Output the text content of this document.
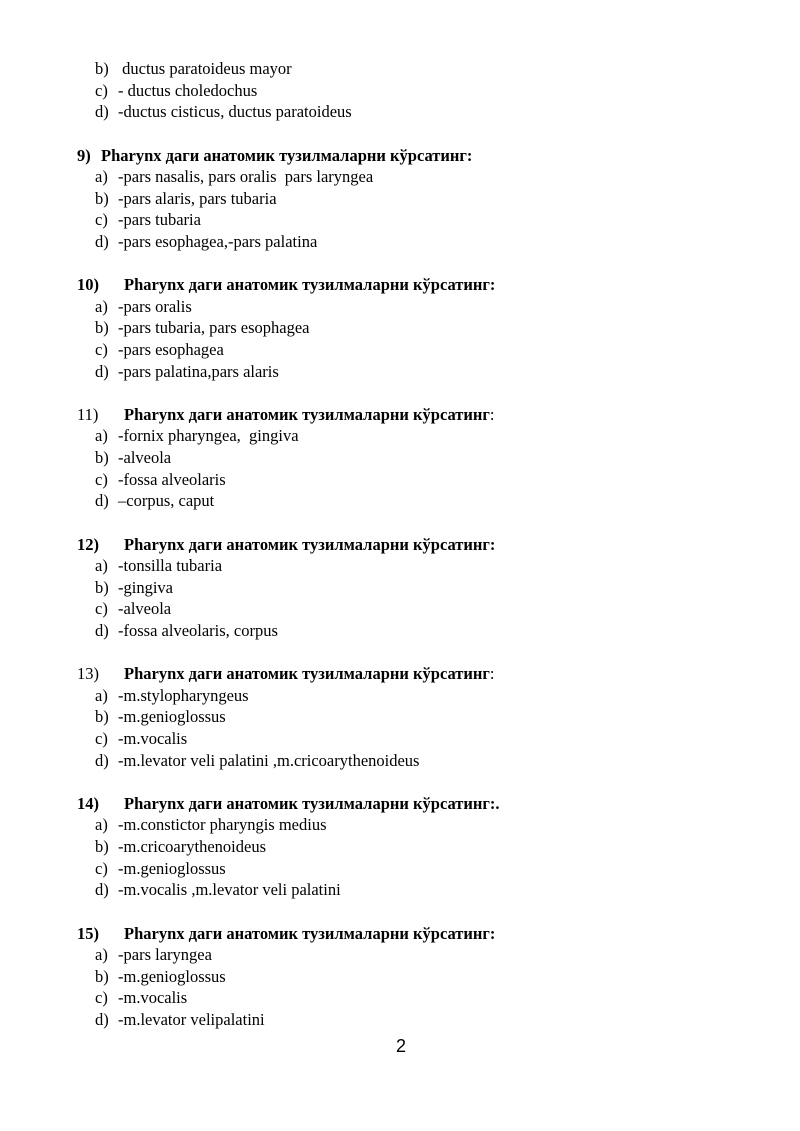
b) ductus paratoideus mayor
c) - ductus choledochus
d) -ductus cisticus, ductus paratoideus
9) Pharynx даги анатомик тузилмаларни кўрсатинг:
a) -pars nasalis, pars oralis  pars laryngea
b) -pars alaris, pars tubaria
c) -pars tubaria
d) -pars esophagea,-pars palatina
10) Pharynx даги анатомик тузилмаларни кўрсатинг:
a) -pars oralis
b) -pars tubaria, pars esophagea
c) -pars esophagea
d) -pars palatina,pars alaris
11) Pharynx даги анатомик тузилмаларни кўрсатинг:
a) -fornix pharyngea,  gingiva
b) -alveola
c) -fossa alveolaris
d) –corpus, caput
12) Pharynx даги анатомик тузилмаларни кўрсатинг:
a) -tonsilla tubaria
b) -gingiva
c) -alveola
d) -fossa alveolaris, corpus
13) Pharynx даги анатомик тузилмаларни кўрсатинг:
a) -m.stylopharyngeus
b) -m.genioglossus
c) -m.vocalis
d) -m.levator veli palatini ,m.cricoarythenoideus
14) Pharynx даги анатомик тузилмаларни кўрсатинг:.
a) -m.constictor pharyngis medius
b) -m.cricoarythenoideus
c) -m.genioglossus
d) -m.vocalis ,m.levator veli palatini
15) Pharynx даги анатомик тузилмаларни кўрсатинг:
a) -pars laryngea
b) -m.genioglossus
c) -m.vocalis
d) -m.levator velipalatini
2
